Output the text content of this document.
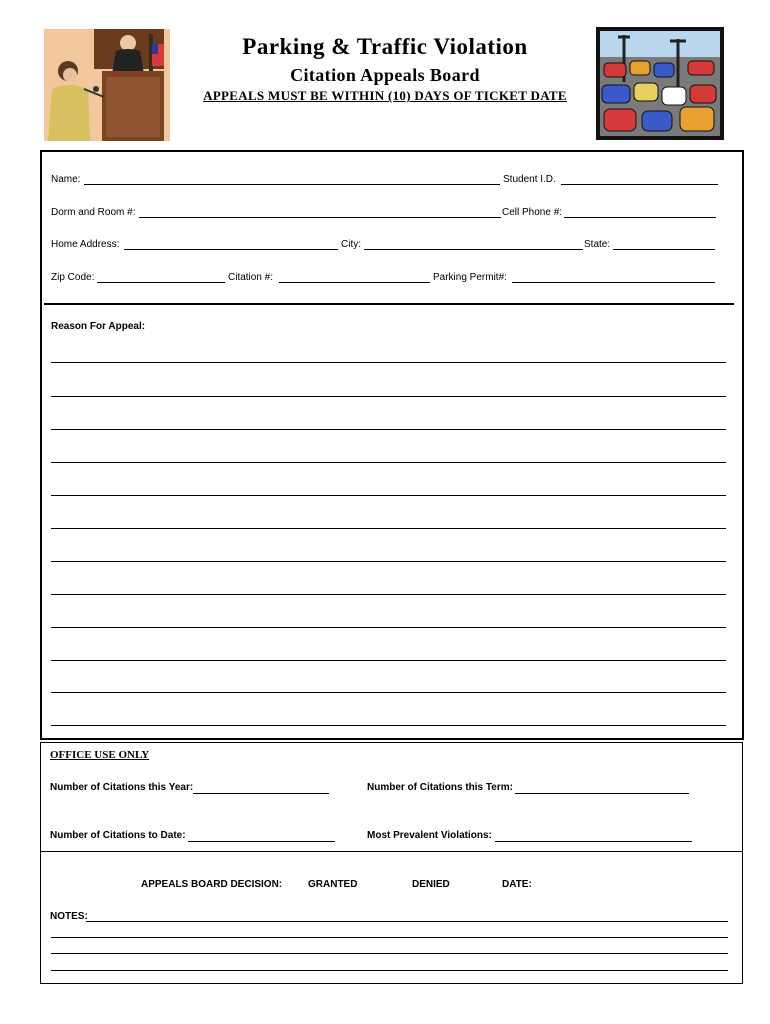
Parking & Traffic Violation
Citation Appeals Board
APPEALS MUST BE WITHIN (10) DAYS OF TICKET DATE
Name:	Student I.D.
Dorm and Room #:	Cell Phone #:
Home Address:	City:	State:
Zip Code:	Citation #:	Parking Permit#:
Reason For Appeal:
OFFICE USE ONLY
Number of Citations this Year:	Number of Citations this Term:
Number of Citations to Date:	Most Prevalent Violations:
APPEALS BOARD DECISION:	GRANTED	DENIED	DATE:
NOTES:
